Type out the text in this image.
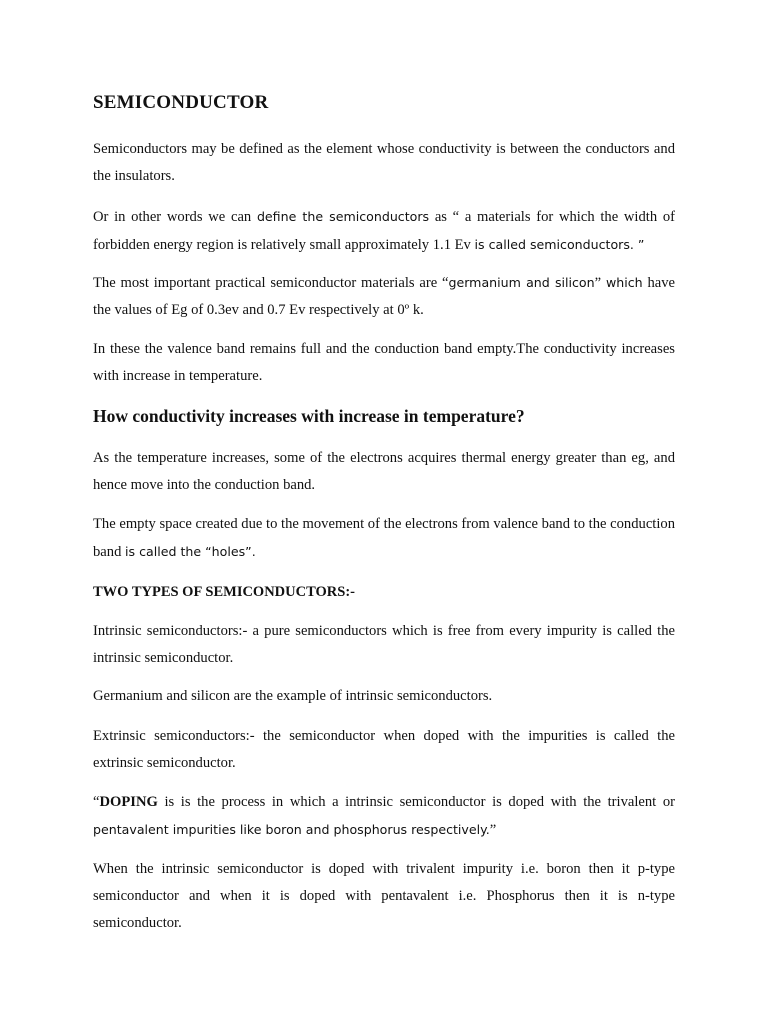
SEMICONDUCTOR
Semiconductors may be defined as the element whose conductivity is between the conductors and the insulators.
Or in other words we can define the semiconductors as “ a materials for which the width of forbidden energy region is relatively small approximately 1.1 Ev is called semiconductors. ”
The most important practical semiconductor materials are “germanium and silicon” which have the values of Eg of 0.3ev and 0.7 Ev respectively at 0º k.
In these the valence band remains full and the conduction band empty.The conductivity increases with increase in temperature.
How conductivity increases with increase in temperature?
As the temperature increases, some of the electrons acquires thermal energy greater than eg, and hence move into the conduction band.
The empty space created due to the movement of the electrons from valence band to the conduction band is called the “holes”.
TWO TYPES OF SEMICONDUCTORS:-
Intrinsic semiconductors:- a pure semiconductors which is free from every impurity is called the intrinsic semiconductor.
Germanium and silicon are the example of intrinsic semiconductors.
Extrinsic semiconductors:- the semiconductor when doped with the impurities is called the extrinsic semiconductor.
“DOPING is is the process in which a intrinsic semiconductor is doped with the trivalent or pentavalent impurities like boron and phosphorus respectively.”
When the intrinsic semiconductor is doped with trivalent impurity i.e. boron then it p-type semiconductor and when it is doped with pentavalent i.e. Phosphorus then it is n-type semiconductor.
